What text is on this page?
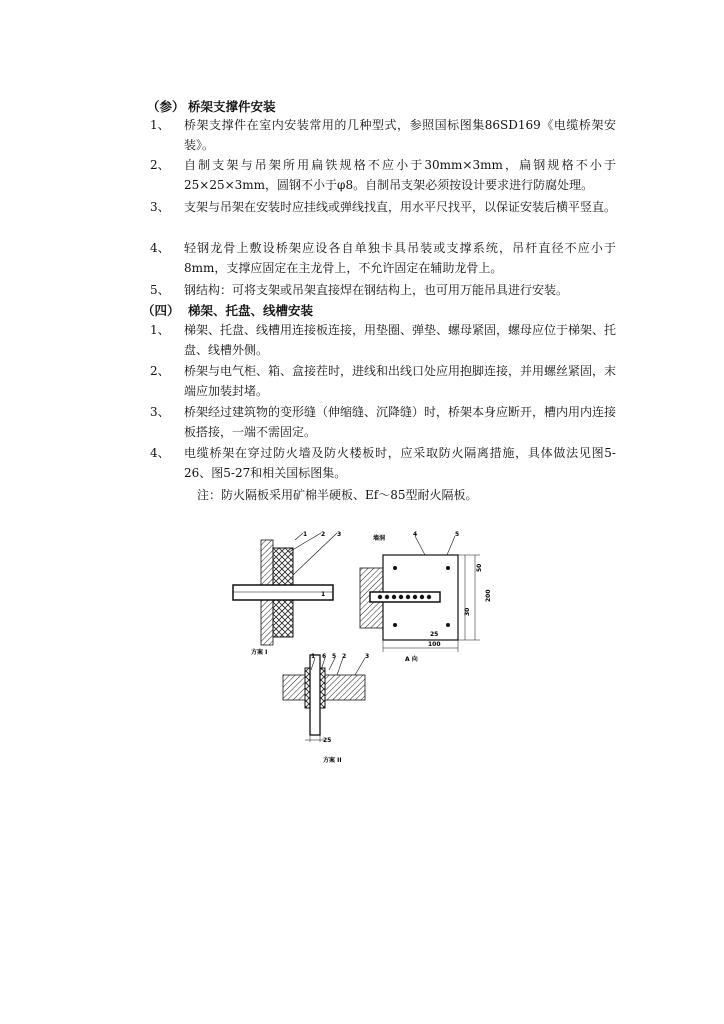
（参） 桥架支撑件安装
1、 桥架支撑件在室内安装常用的几种型式，参照国标图集86SD169《电缆桥架安装》。
2、 自制支架与吊架所用扁铁规格不应小于30mm×3mm，扁钢规格不小于25×25×3mm，圆钢不小于φ8。自制吊支架必须按设计要求进行防腐处理。
3、 支架与吊架在安装时应挂线或弹线找直，用水平尺找平，以保证安装后横平竖直。
4、 轻钢龙骨上敷设桥架应设各自单独卡具吊装或支撑系统，吊杆直径不应小于8mm，支撑应固定在主龙骨上，不允许固定在辅助龙骨上。
5、 钢结构：可将支架或吊架直接焊在钢结构上，也可用万能吊具进行安装。
（四） 梯架、托盘、线槽安装
1、 梯架、托盘、线槽用连接板连接，用垫圈、弹垫、螺母紧固，螺母应位于梯架、托盘、线槽外侧。
2、 桥架与电气柜、箱、盒接茬时，进线和出线口处应用抱脚连接，并用螺丝紧固，末端应加装封堵。
3、 桥架经过建筑物的变形缝（伸缩缝、沉降缝）时，桥架本身应断开，槽内用内连接板搭接，一端不需固定。
4、 电缆桥架在穿过防火墙及防火楼板时，应采取防火隔离措施，具体做法见图5-26、图5-27和相关国标图集。
注：防火隔板采用矿棉半硬板、Ef～85型耐火隔板。
1 2 3
1
方案 I
墙洞
4	5
50
200
30
25
100
A 向
1 6 5 2	3
25
方案 II
